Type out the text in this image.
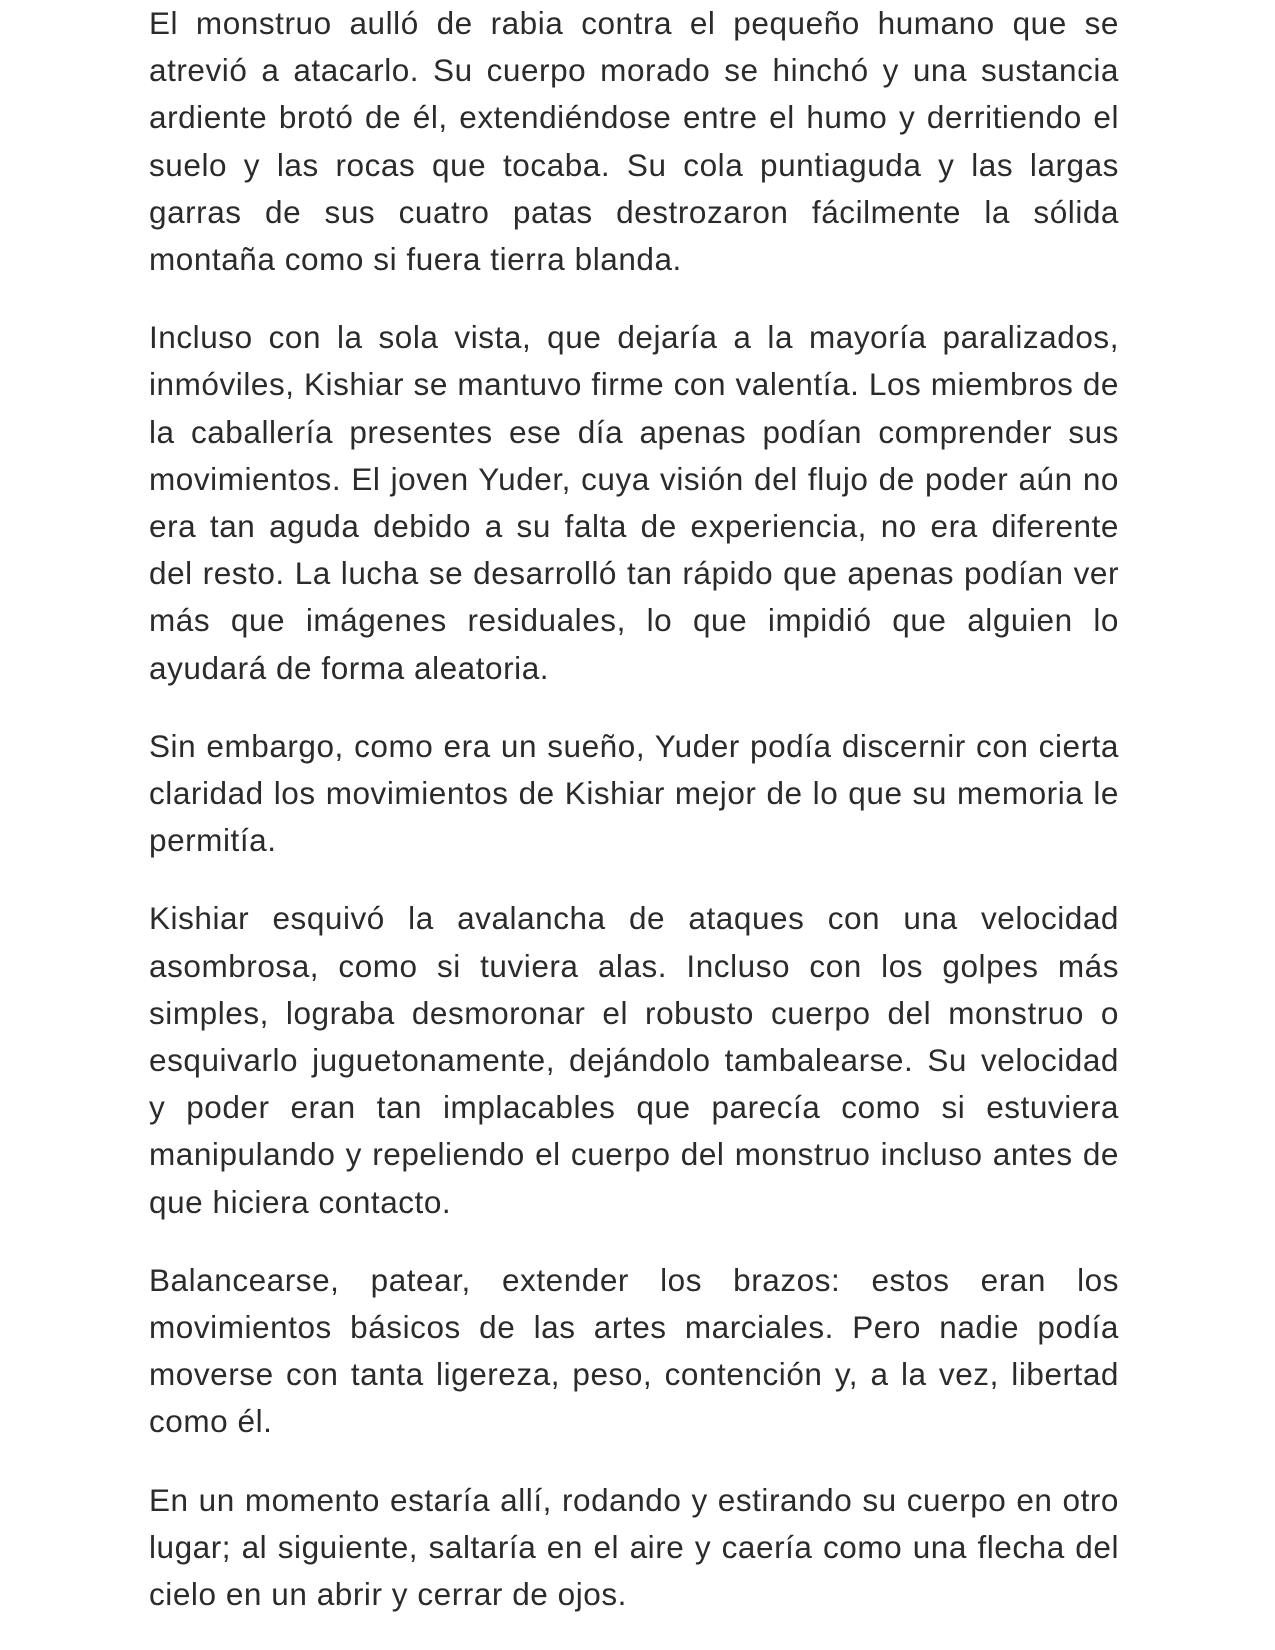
El monstruo aulló de rabia contra el pequeño humano que se atrevió a atacarlo. Su cuerpo morado se hinchó y una sustancia ardiente brotó de él, extendiéndose entre el humo y derritiendo el suelo y las rocas que tocaba. Su cola puntiaguda y las largas garras de sus cuatro patas destrozaron fácilmente la sólida montaña como si fuera tierra blanda.

Incluso con la sola vista, que dejaría a la mayoría paralizados, inmóviles, Kishiar se mantuvo firme con valentía. Los miembros de la caballería presentes ese día apenas podían comprender sus movimientos. El joven Yuder, cuya visión del flujo de poder aún no era tan aguda debido a su falta de experiencia, no era diferente del resto. La lucha se desarrolló tan rápido que apenas podían ver más que imágenes residuales, lo que impidió que alguien lo ayudará de forma aleatoria.

Sin embargo, como era un sueño, Yuder podía discernir con cierta claridad los movimientos de Kishiar mejor de lo que su memoria le permitía.

Kishiar esquivó la avalancha de ataques con una velocidad asombrosa, como si tuviera alas. Incluso con los golpes más simples, lograba desmoronar el robusto cuerpo del monstruo o esquivarlo juguetonamente, dejándolo tambalearse. Su velocidad y poder eran tan implacables que parecía como si estuviera manipulando y repeliendo el cuerpo del monstruo incluso antes de que hiciera contacto.

Balancearse, patear, extender los brazos: estos eran los movimientos básicos de las artes marciales. Pero nadie podía moverse con tanta ligereza, peso, contención y, a la vez, libertad como él.

En un momento estaría allí, rodando y estirando su cuerpo en otro lugar; al siguiente, saltaría en el aire y caería como una flecha del cielo en un abrir y cerrar de ojos.
